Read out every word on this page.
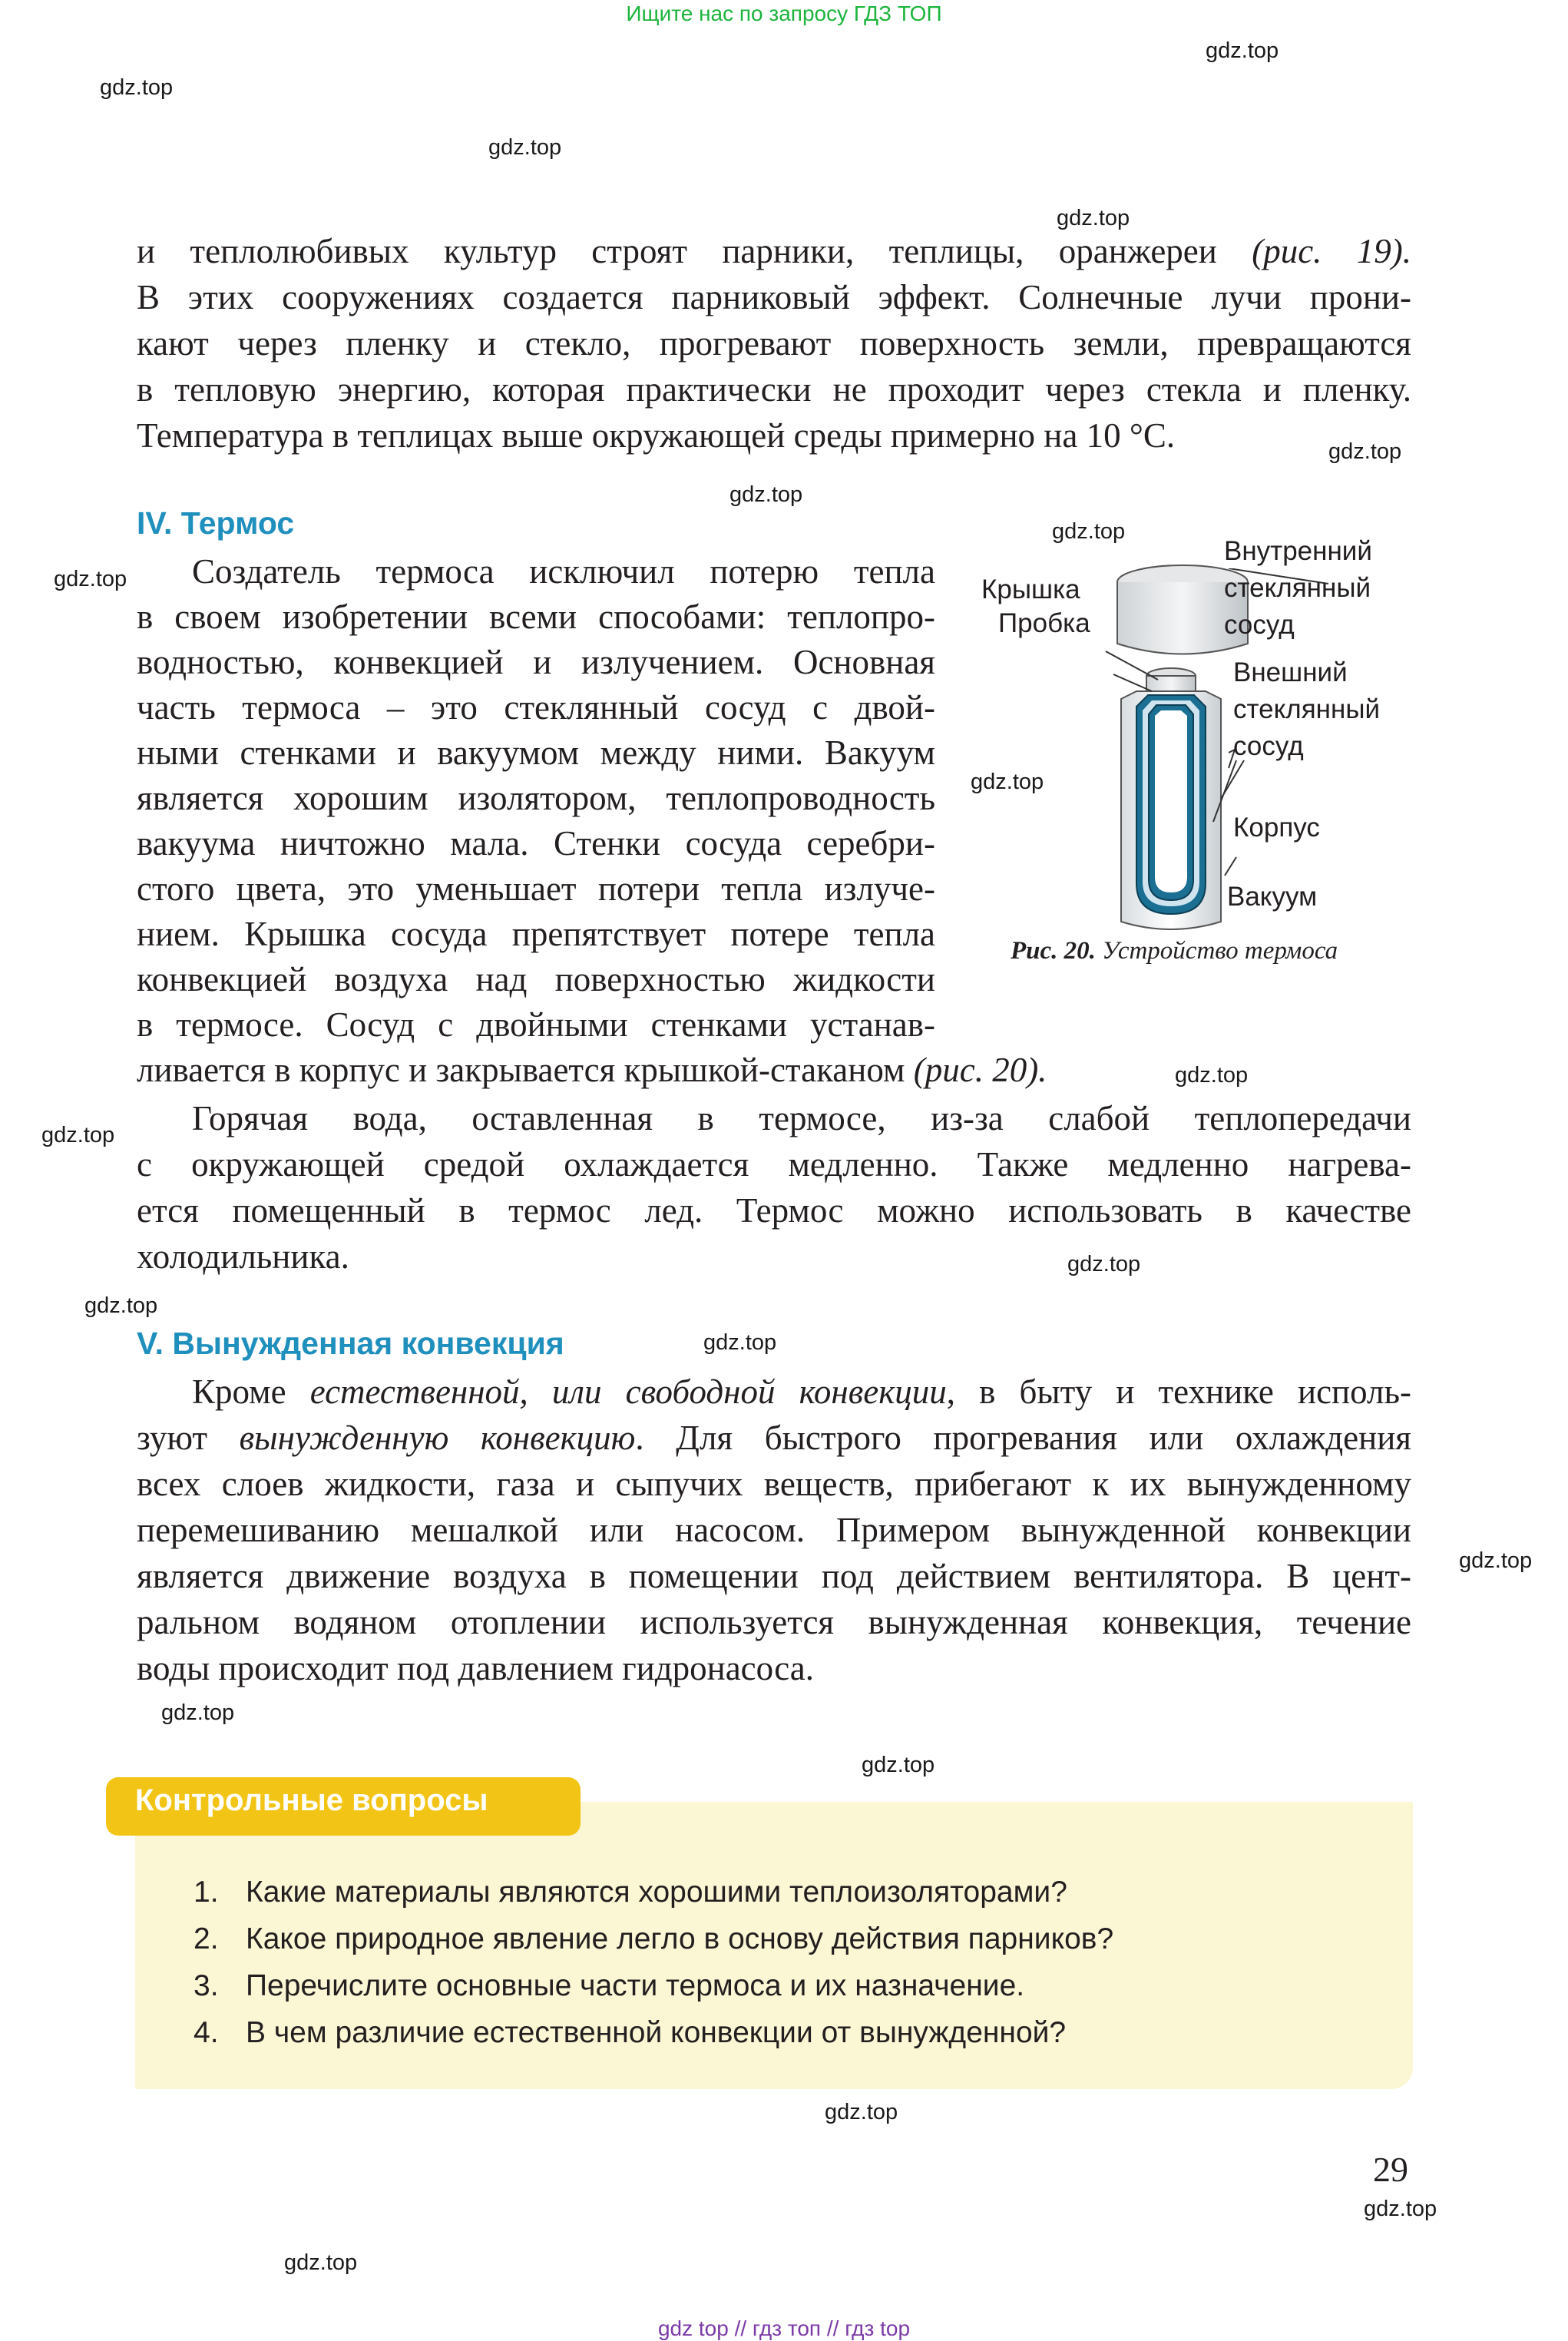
Ищите нас по запросу ГДЗ ТОП
gdz.top
gdz.top
gdz.top
gdz.top
gdz.top
gdz.top
gdz.top
gdz.top
gdz.top
gdz.top
gdz.top
gdz.top
gdz.top
gdz.top
gdz.top
gdz.top
gdz.top
gdz.top
gdz.top
gdz.top
и теплолюбивых культур строят парники, теплицы, оранжереи (рис. 19).
В этих сооружениях создается парниковый эффект. Солнечные лучи прони-
кают через пленку и стекло, прогревают поверхность земли, превращаются
в тепловую энергию, которая практически не проходит через стекла и пленку.
Температура в теплицах выше окружающей среды примерно на 10 °С.
IV. Термос
Создатель термоса исключил потерю тепла
в своем изобретении всеми способами: теплопро-
водностью, конвекцией и излучением. Основная
часть термоса – это стеклянный сосуд с двой-
ными стенками и вакуумом между ними. Вакуум
является хорошим изолятором, теплопроводность
вакуума ничтожно мала. Стенки сосуда серебри-
стого цвета, это уменьшает потери тепла излуче-
нием. Крышка сосуда препятствует потере тепла
конвекцией воздуха над поверхностью жидкости
в термосе. Сосуд с двойными стенками устанав-
ливается в корпус и закрывается крышкой-стаканом (рис. 20).
Горячая вода, оставленная в термосе, из-за слабой теплопередачи
с окружающей средой охлаждается медленно. Также медленно нагрева-
ется помещенный в термос лед. Термос можно использовать в качестве
холодильника.
Крышка
Пробка
Внутренний
стеклянный
сосуд
Внешний
стеклянный
сосуд
Корпус
Вакуум
Рис. 20. Устройство термоса
V. Вынужденная конвекция
Кроме естественной, или свободной конвекции, в быту и технике исполь-
зуют вынужденную конвекцию. Для быстрого прогревания или охлаждения
всех слоев жидкости, газа и сыпучих веществ, прибегают к их вынужденному
перемешиванию мешалкой или насосом. Примером вынужденной конвекции
является движение воздуха в помещении под действием вентилятора. В цент-
ральном водяном отоплении используется вынужденная конвекция, течение
воды происходит под давлением гидронасоса.
Контрольные вопросы
1. Какие материалы являются хорошими теплоизоляторами?
2. Какое природное явление легло в основу действия парников?
3. Перечислите основные части термоса и их назначение.
4. В чем различие естественной конвекции от вынужденной?
29
gdz top // гдз топ // гдз top
